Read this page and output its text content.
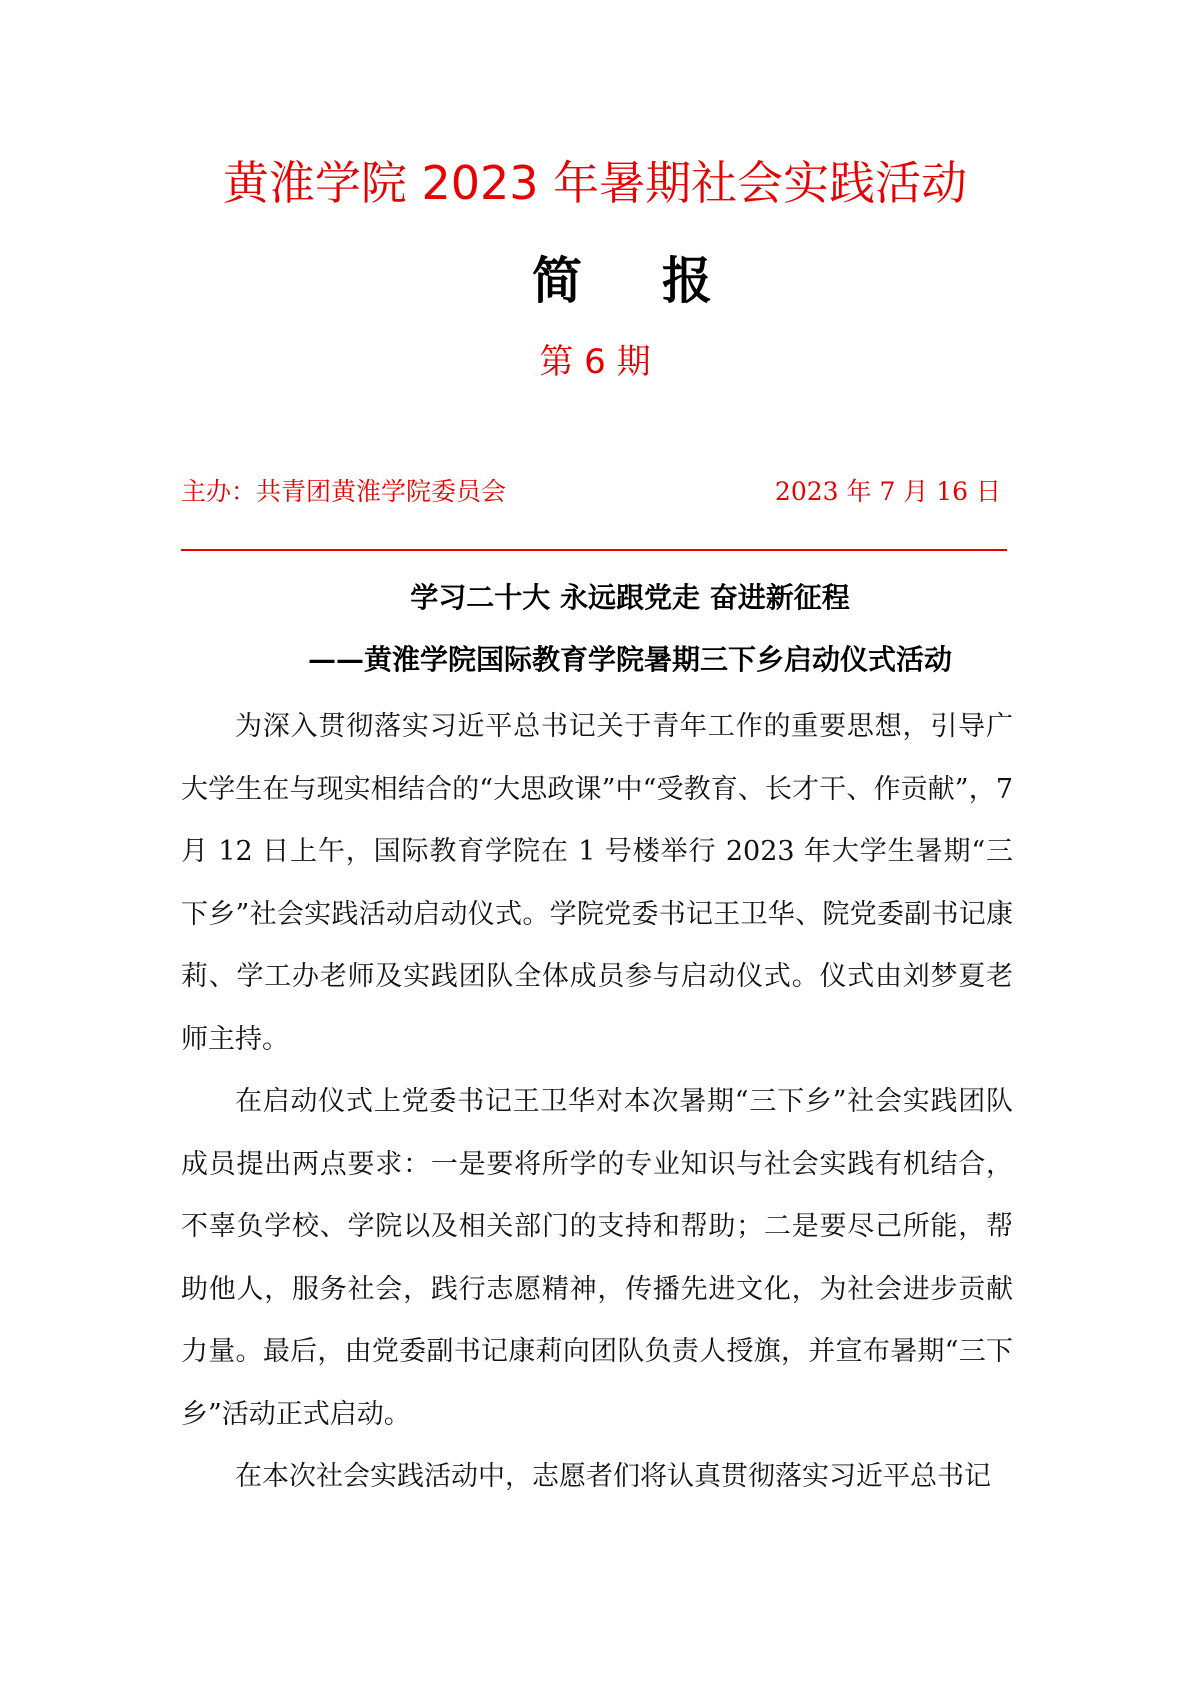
黄淮学院 2023 年暑期社会实践活动
简 报
第 6 期
主办：共青团黄淮学院委员会	2023 年 7 月 16 日
学习二十大 永远跟党走 奋进新征程
——黄淮学院国际教育学院暑期三下乡启动仪式活动

为深入贯彻落实习近平总书记关于青年工作的重要思想，引导广大学生在与现实相结合的“大思政课”中“受教育、长才干、作贡献”，7 月 12 日上午，国际教育学院在 1 号楼举行 2023 年大学生暑期“三下乡”社会实践活动启动仪式。学院党委书记王卫华、院党委副书记康莉、学工办老师及实践团队全体成员参与启动仪式。仪式由刘梦夏老师主持。

在启动仪式上党委书记王卫华对本次暑期“三下乡”社会实践团队成员提出两点要求：一是要将所学的专业知识与社会实践有机结合，不辜负学校、学院以及相关部门的支持和帮助；二是要尽己所能，帮助他人，服务社会，践行志愿精神，传播先进文化，为社会进步贡献力量。最后，由党委副书记康莉向团队负责人授旗，并宣布暑期“三下乡”活动正式启动。

在本次社会实践活动中，志愿者们将认真贯彻落实习近平总书记
